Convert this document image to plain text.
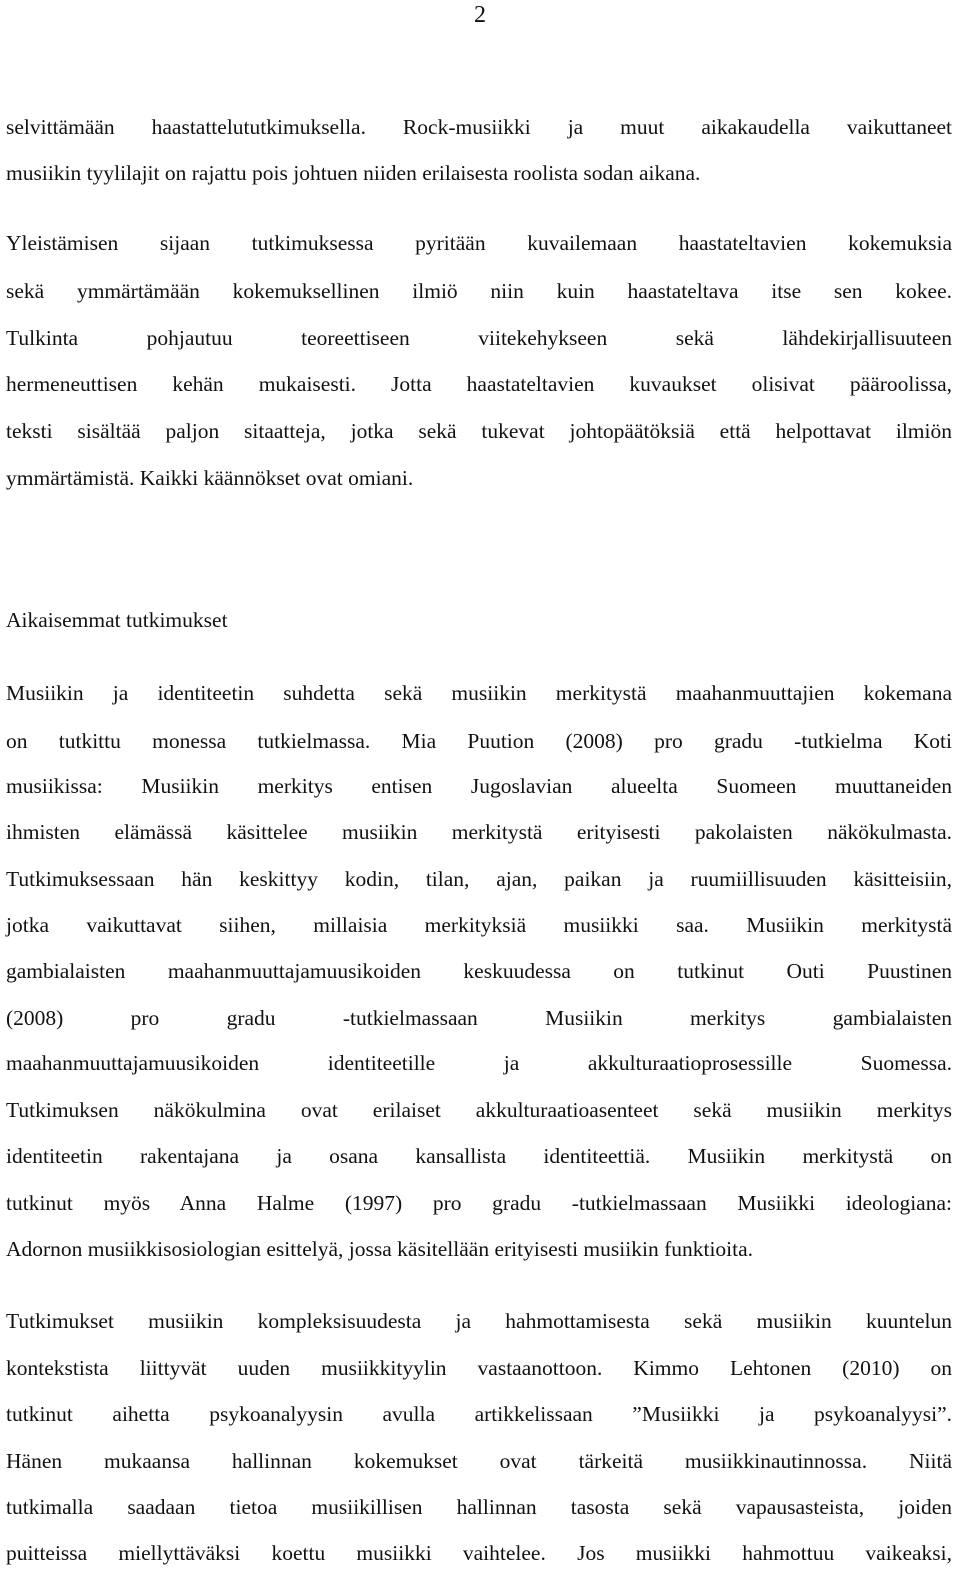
2
selvittämään haastattelututkimuksella. Rock-musiikki ja muut aikakaudella vaikuttaneet
musiikin tyylilajit on rajattu pois johtuen niiden erilaisesta roolista sodan aikana.
Yleistämisen sijaan tutkimuksessa pyritään kuvailemaan haastateltavien kokemuksia
sekä ymmärtämään kokemuksellinen ilmiö niin kuin haastateltava itse sen kokee.
Tulkinta pohjautuu teoreettiseen viitekehykseen sekä lähdekirjallisuuteen
hermeneuttisen kehän mukaisesti. Jotta haastateltavien kuvaukset olisivat pääroolissa,
teksti sisältää paljon sitaatteja, jotka sekä tukevat johtopäätöksiä että helpottavat ilmiön
ymmärtämistä. Kaikki käännökset ovat omiani.
Aikaisemmat tutkimukset
Musiikin ja identiteetin suhdetta sekä musiikin merkitystä maahanmuuttajien kokemana
on tutkittu monessa tutkielmassa. Mia Puution (2008) pro gradu -tutkielma Koti
musiikissa: Musiikin merkitys entisen Jugoslavian alueelta Suomeen muuttaneiden
ihmisten elämässä käsittelee musiikin merkitystä erityisesti pakolaisten näkökulmasta.
Tutkimuksessaan hän keskittyy kodin, tilan, ajan, paikan ja ruumiillisuuden käsitteisiin,
jotka vaikuttavat siihen, millaisia merkityksiä musiikki saa. Musiikin merkitystä
gambialaisten maahanmuuttajamuusikoiden keskuudessa on tutkinut Outi Puustinen
(2008) pro gradu -tutkielmassaan Musiikin merkitys gambialaisten
maahanmuuttajamuusikoiden identiteetille ja akkulturaatioprosessille Suomessa.
Tutkimuksen näkökulmina ovat erilaiset akkulturaatioasenteet sekä musiikin merkitys
identiteetin rakentajana ja osana kansallista identiteettiä. Musiikin merkitystä on
tutkinut myös Anna Halme (1997) pro gradu -tutkielmassaan Musiikki ideologiana:
Adornon musiikkisosiologian esittelyä, jossa käsitellään erityisesti musiikin funktioita.
Tutkimukset musiikin kompleksisuudesta ja hahmottamisesta sekä musiikin kuuntelun
kontekstista liittyvät uuden musiikkityylin vastaanottoon. Kimmo Lehtonen (2010) on
tutkinut aihetta psykoanalyysin avulla artikkelissaan ”Musiikki ja psykoanalyysi”.
Hänen mukaansa hallinnan kokemukset ovat tärkeitä musiikkinautinnossa. Niitä
tutkimalla saadaan tietoa musiikillisen hallinnan tasosta sekä vapausasteista, joiden
puitteissa miellyttäväksi koettu musiikki vaihtelee. Jos musiikki hahmottuu vaikeaksi,
